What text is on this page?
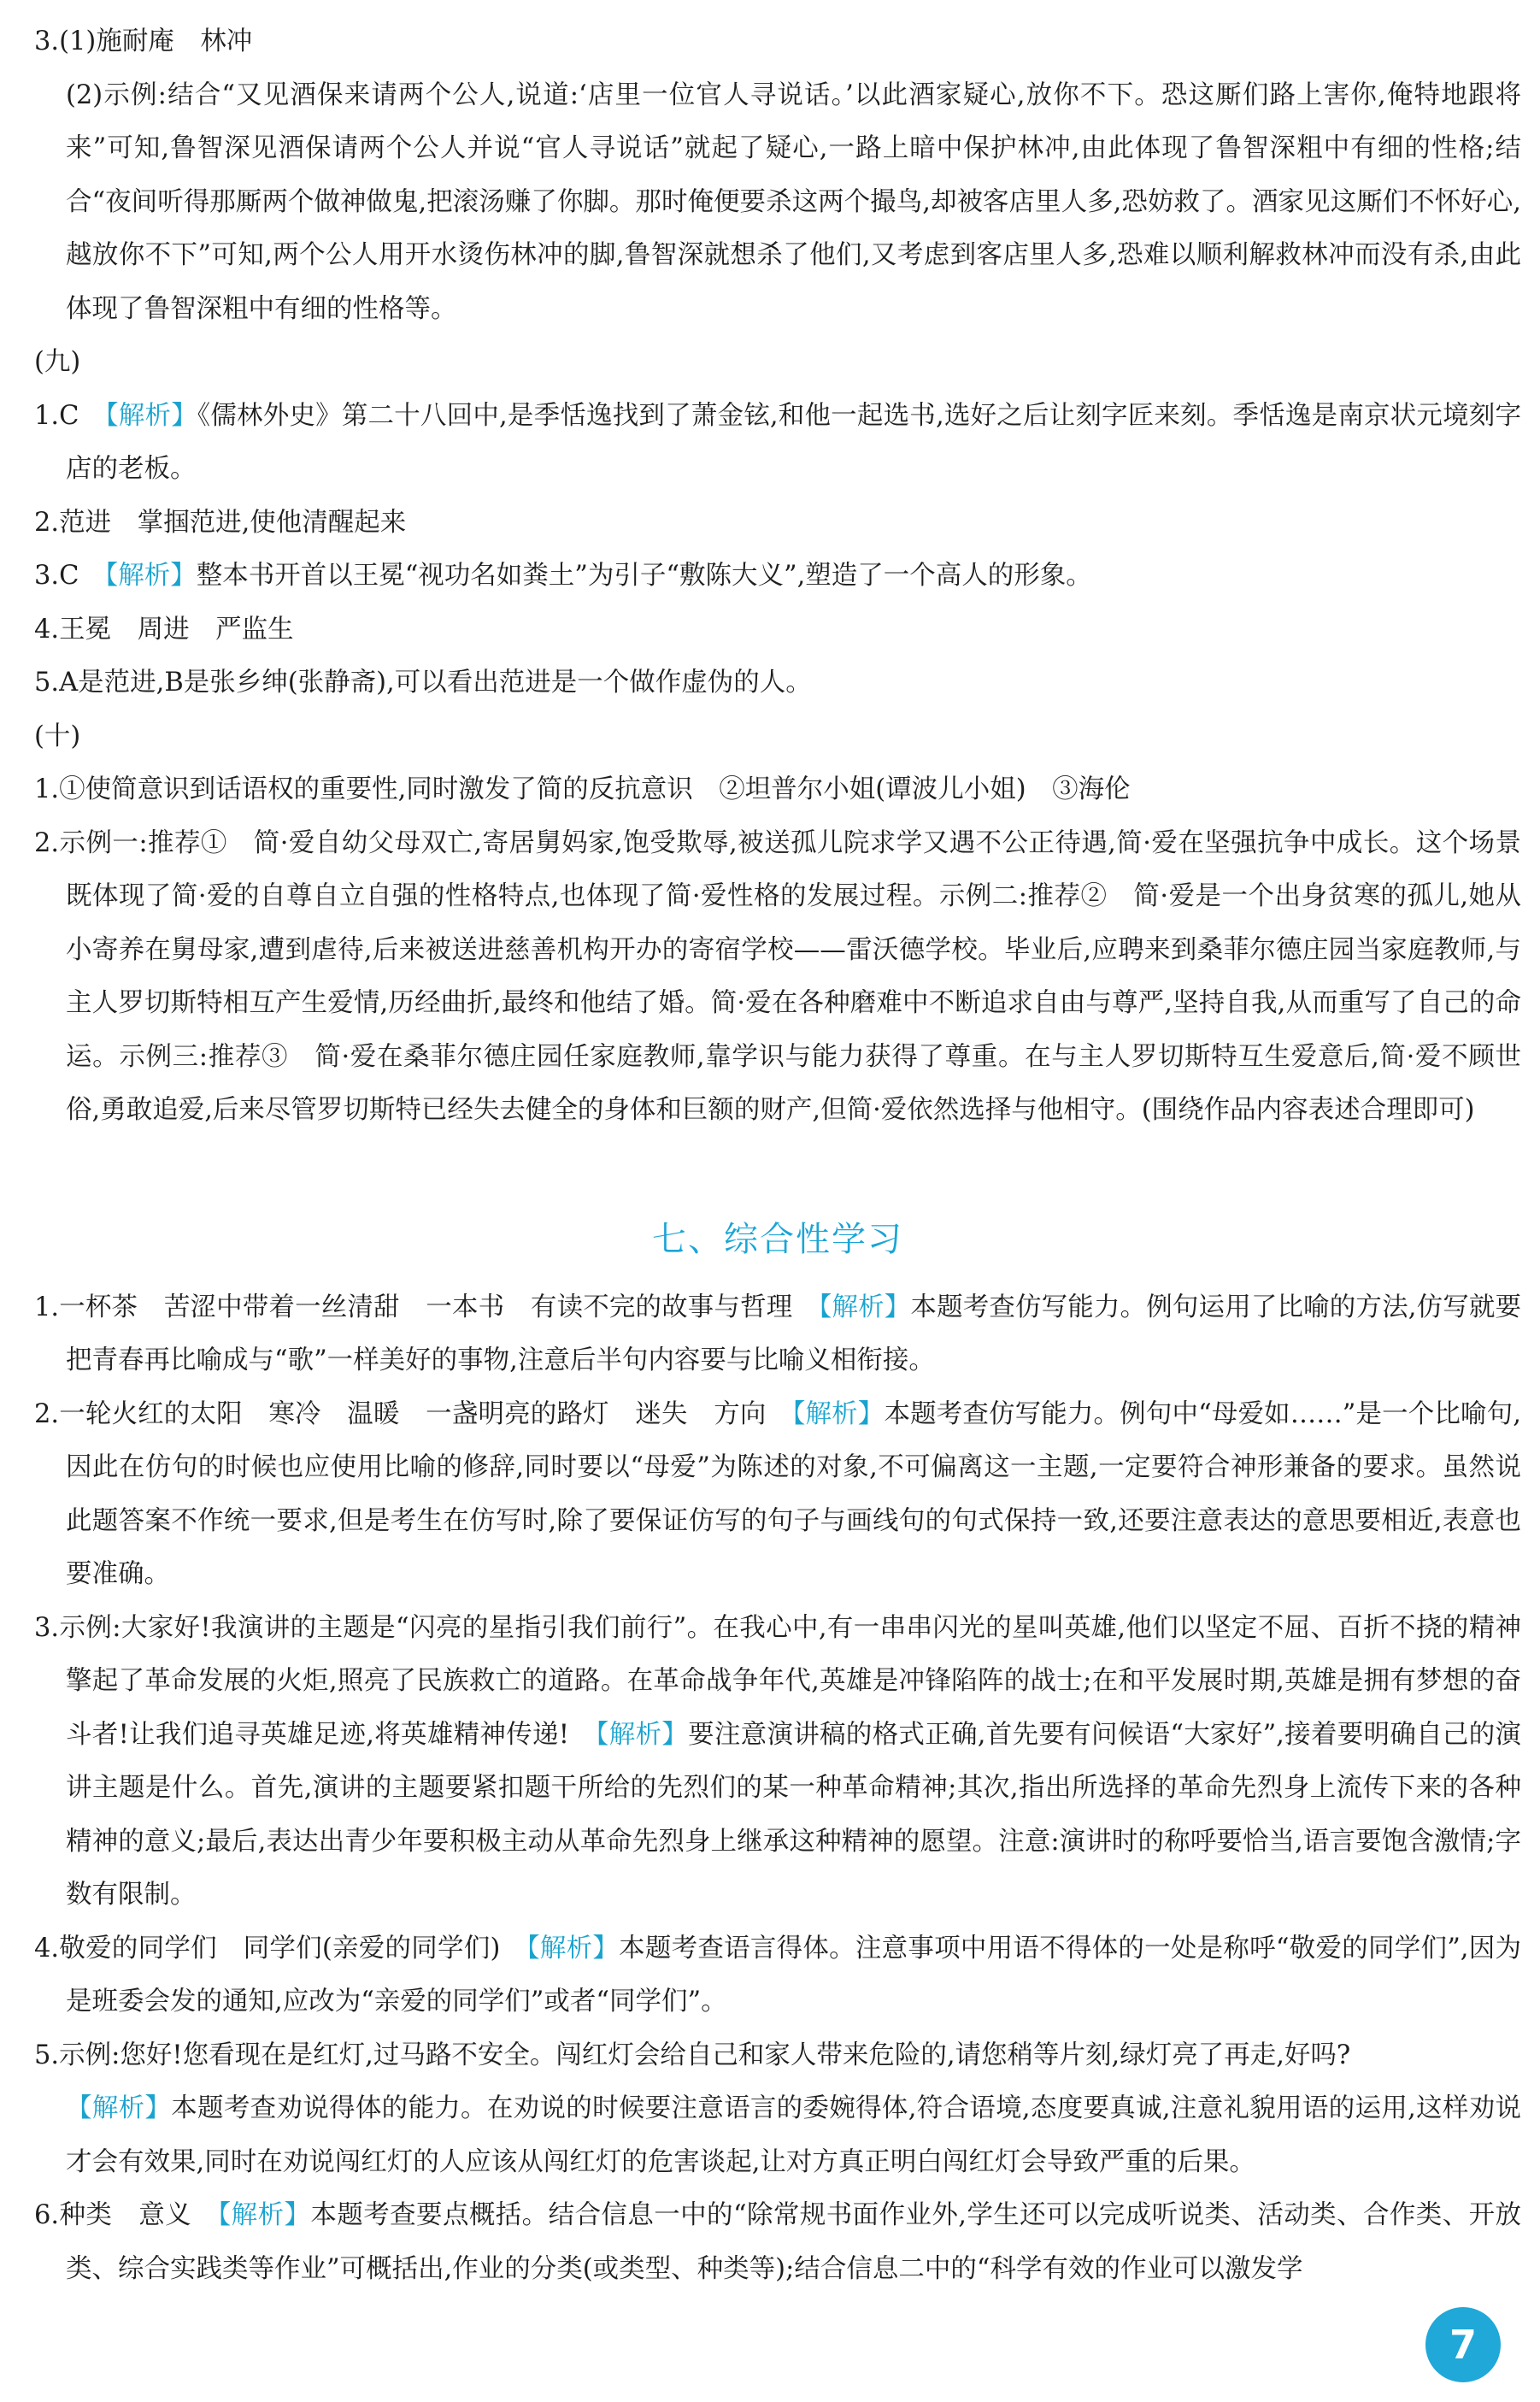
3.(1)施耐庵　林冲

(2)示例:结合“又见酒保来请两个公人,说道:‘店里一位官人寻说话。’以此酒家疑心,放你不下。恐这厮们路上害你,俺特地跟将来”可知,鲁智深见酒保请两个公人并说“官人寻说话”就起了疑心,一路上暗中保护林冲,由此体现了鲁智深粗中有细的性格;结合“夜间听得那厮两个做神做鬼,把滚汤赚了你脚。那时俺便要杀这两个撮鸟,却被客店里人多,恐妨救了。酒家见这厮们不怀好心,越放你不下”可知,两个公人用开水烫伤林冲的脚,鲁智深就想杀了他们,又考虑到客店里人多,恐难以顺利解救林冲而没有杀,由此体现了鲁智深粗中有细的性格等。

(九)

1.C　【解析】《儒林外史》第二十八回中,是季恬逸找到了萧金铉,和他一起选书,选好之后让刻字匠来刻。季恬逸是南京状元境刻字店的老板。

2.范进　掌掴范进,使他清醒起来

3.C　【解析】整本书开首以王冕“视功名如粪土”为引子“敷陈大义”,塑造了一个高人的形象。

4.王冕　周进　严监生

5.A是范进,B是张乡绅(张静斋),可以看出范进是一个做作虚伪的人。

(十)

1.①使简意识到话语权的重要性,同时激发了简的反抗意识　②坦普尔小姐(谭波儿小姐)　③海伦

2.示例一:推荐①　简·爱自幼父母双亡,寄居舅妈家,饱受欺辱,被送孤儿院求学又遇不公正待遇,简·爱在坚强抗争中成长。这个场景既体现了简·爱的自尊自立自强的性格特点,也体现了简·爱性格的发展过程。示例二:推荐②　简·爱是一个出身贫寒的孤儿,她从小寄养在舅母家,遭到虐待,后来被送进慈善机构开办的寄宿学校——雷沃德学校。毕业后,应聘来到桑菲尔德庄园当家庭教师,与主人罗切斯特相互产生爱情,历经曲折,最终和他结了婚。简·爱在各种磨难中不断追求自由与尊严,坚持自我,从而重写了自己的命运。示例三:推荐③　简·爱在桑菲尔德庄园任家庭教师,靠学识与能力获得了尊重。在与主人罗切斯特互生爱意后,简·爱不顾世俗,勇敢追爱,后来尽管罗切斯特已经失去健全的身体和巨额的财产,但简·爱依然选择与他相守。(围绕作品内容表述合理即可)

七、综合性学习

1.一杯茶　苦涩中带着一丝清甜　一本书　有读不完的故事与哲理　【解析】本题考查仿写能力。例句运用了比喻的方法,仿写就要把青春再比喻成与“歌”一样美好的事物,注意后半句内容要与比喻义相衔接。

2.一轮火红的太阳　寒冷　温暖　一盏明亮的路灯　迷失　方向　【解析】本题考查仿写能力。例句中“母爱如……”是一个比喻句,因此在仿句的时候也应使用比喻的修辞,同时要以“母爱”为陈述的对象,不可偏离这一主题,一定要符合神形兼备的要求。虽然说此题答案不作统一要求,但是考生在仿写时,除了要保证仿写的句子与画线句的句式保持一致,还要注意表达的意思要相近,表意也要准确。

3.示例:大家好!我演讲的主题是“闪亮的星指引我们前行”。在我心中,有一串串闪光的星叫英雄,他们以坚定不屈、百折不挠的精神擎起了革命发展的火炬,照亮了民族救亡的道路。在革命战争年代,英雄是冲锋陷阵的战士;在和平发展时期,英雄是拥有梦想的奋斗者!让我们追寻英雄足迹,将英雄精神传递!　【解析】要注意演讲稿的格式正确,首先要有问候语“大家好”,接着要明确自己的演讲主题是什么。首先,演讲的主题要紧扣题干所给的先烈们的某一种革命精神;其次,指出所选择的革命先烈身上流传下来的各种精神的意义;最后,表达出青少年要积极主动从革命先烈身上继承这种精神的愿望。注意:演讲时的称呼要恰当,语言要饱含激情;字数有限制。

4.敬爱的同学们　同学们(亲爱的同学们)　【解析】本题考查语言得体。注意事项中用语不得体的一处是称呼“敬爱的同学们”,因为是班委会发的通知,应改为“亲爱的同学们”或者“同学们”。

5.示例:您好!您看现在是红灯,过马路不安全。闯红灯会给自己和家人带来危险的,请您稍等片刻,绿灯亮了再走,好吗?

【解析】本题考查劝说得体的能力。在劝说的时候要注意语言的委婉得体,符合语境,态度要真诚,注意礼貌用语的运用,这样劝说才会有效果,同时在劝说闯红灯的人应该从闯红灯的危害谈起,让对方真正明白闯红灯会导致严重的后果。

6.种类　意义　【解析】本题考查要点概括。结合信息一中的“除常规书面作业外,学生还可以完成听说类、活动类、合作类、开放类、综合实践类等作业”可概括出,作业的分类(或类型、种类等);结合信息二中的“科学有效的作业可以激发学

7
